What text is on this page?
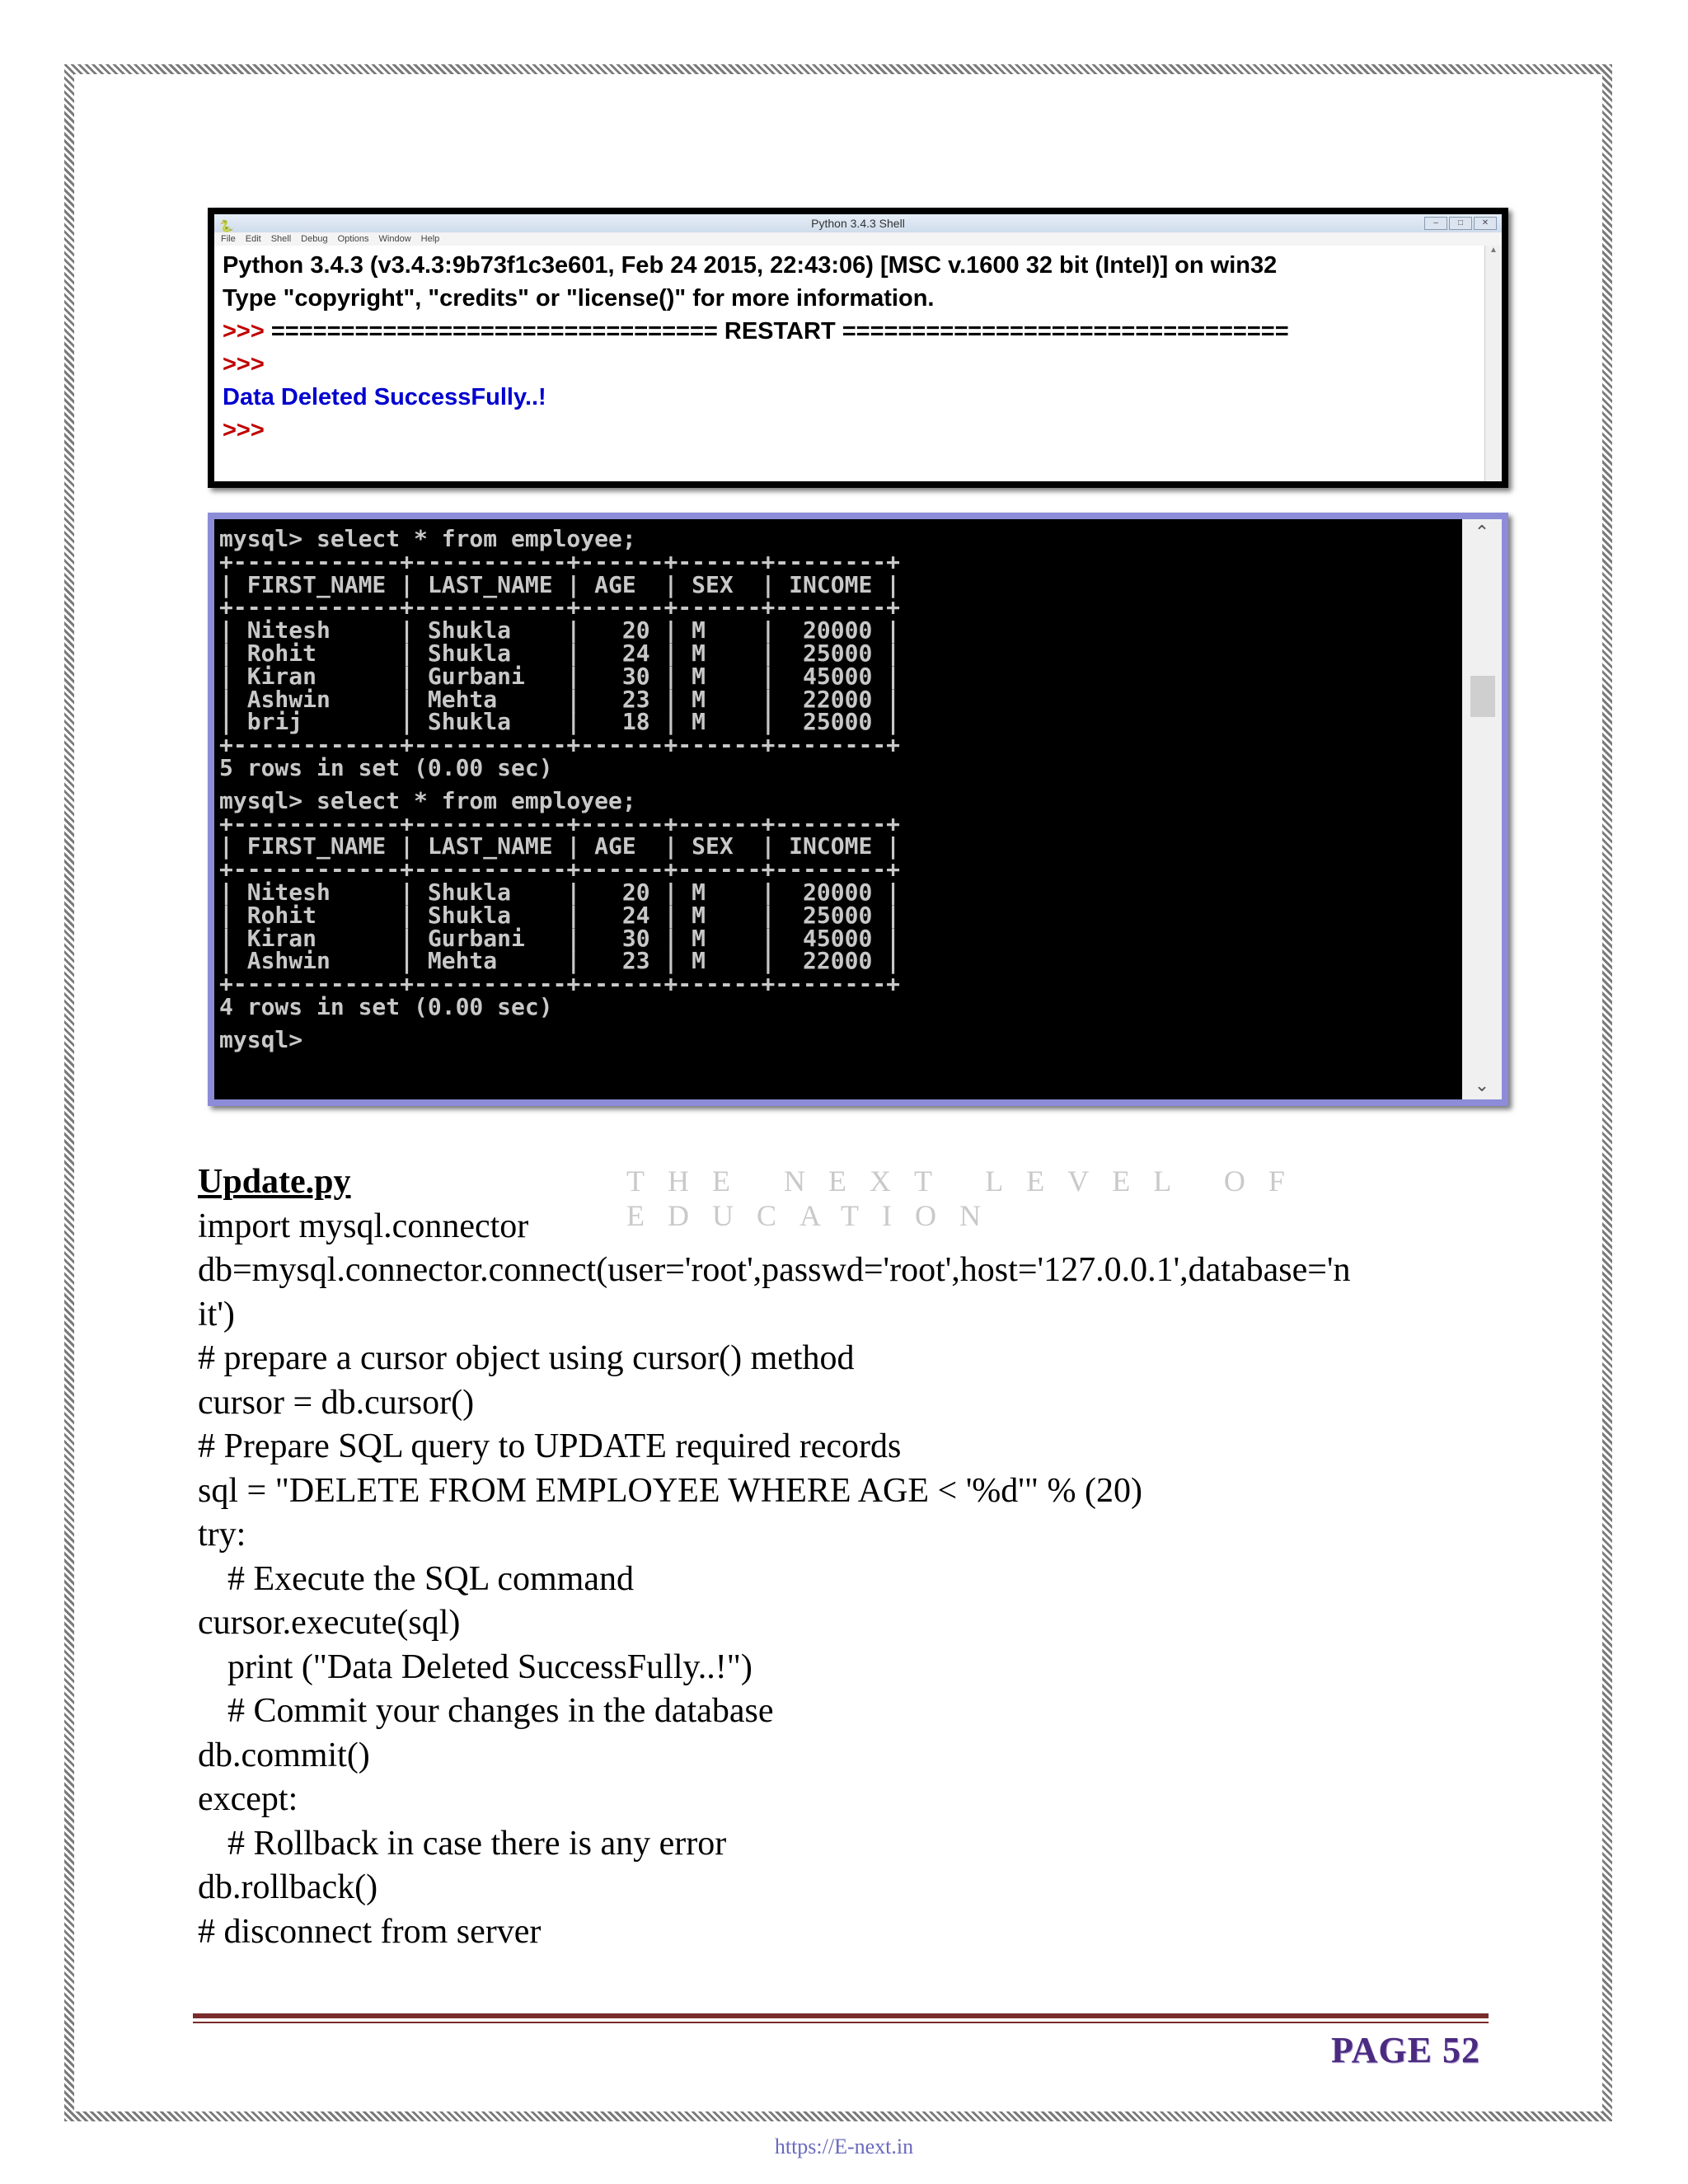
🐍	Python 3.4.3 Shell	–	□	✕
File Edit Shell Debug Options Window Help
Python 3.4.3 (v3.4.3:9b73f1c3e601, Feb 24 2015, 22:43:06) [MSC v.1600 32 bit (Intel)] on win32
Type "copyright", "credits" or "license()" for more information.
>>> ================================ RESTART ================================
>>>
Data Deleted SuccessFully..!
>>>
▲
mysql> select * from employee;
+------------+-----------+------+------+--------+
| FIRST_NAME | LAST_NAME | AGE  | SEX  | INCOME |
+------------+-----------+------+------+--------+
| Nitesh     | Shukla    |   20 | M    |  20000 |
| Rohit      | Shukla    |   24 | M    |  25000 |
| Kiran      | Gurbani   |   30 | M    |  45000 |
| Ashwin     | Mehta     |   23 | M    |  22000 |
| brij       | Shukla    |   18 | M    |  25000 |
+------------+-----------+------+------+--------+
5 rows in set (0.00 sec)
mysql> select * from employee;
+------------+-----------+------+------+--------+
| FIRST_NAME | LAST_NAME | AGE  | SEX  | INCOME |
+------------+-----------+------+------+--------+
| Nitesh     | Shukla    |   20 | M    |  20000 |
| Rohit      | Shukla    |   24 | M    |  25000 |
| Kiran      | Gurbani   |   30 | M    |  45000 |
| Ashwin     | Mehta     |   23 | M    |  22000 |
+------------+-----------+------+------+--------+
4 rows in set (0.00 sec)
mysql>
⌃
⌄
THE NEXT LEVEL OF EDUCATION
Update.py
import mysql.connector
db=mysql.connector.connect(user='root',passwd='root',host='127.0.0.1',database='n
it')
# prepare a cursor object using cursor() method
cursor = db.cursor()
# Prepare SQL query to UPDATE required records
sql = "DELETE FROM EMPLOYEE WHERE AGE < '%d'" % (20)
try:
# Execute the SQL command
cursor.execute(sql)
print ("Data Deleted SuccessFully..!")
# Commit your changes in the database
db.commit()
except:
# Rollback in case there is any error
db.rollback()
# disconnect from server
PAGE 52
https://E-next.in
